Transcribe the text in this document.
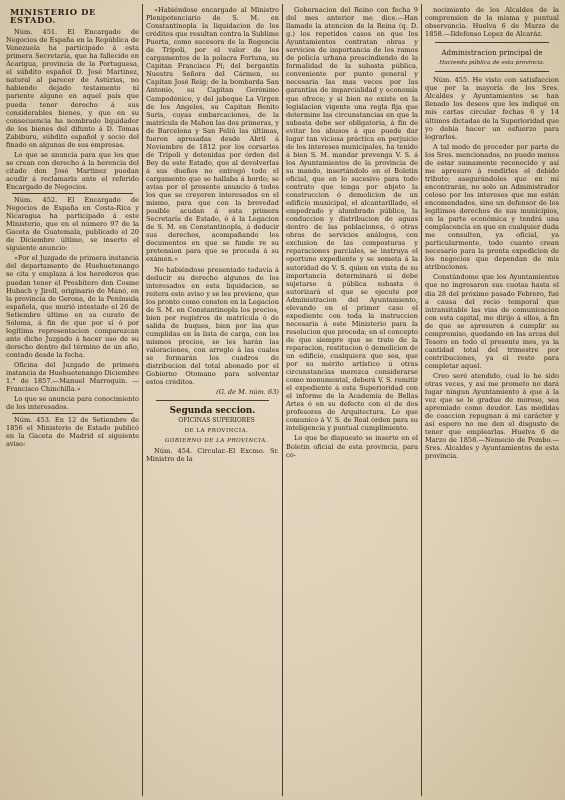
MINISTERIO DE ESTADO.

Núm. 451. El Encargado de Negocios de España en la República de Venezuela ha participado á esta primera Secretaría, que ha fallecido en Acarigua, provincia de la Portuguesa, el súbdito español D. José Martinez, natural al parecer de Astúrias, no habiendo dejado testamento ni pariente alguno en aquel país que pueda tener derecho á sus considerables bienes, y que en su consecuencia ha nombrado liquidador de los bienes del difunto á D. Tomas Zabiburu, súbdito español y socio del finado en algunas de sus empresas.

Lo que se anuncia para que los que se crean con derecho á la herencia del citado don José Martinez puedan acudir á reclamarla ante el referido Encargado de Negocios.

Núm. 452. El Encargado de Negocios de España en Costa-Rica y Nicaragua ha participado á este Ministerio, que en el número 97 de la Gaceta de Guatemala, publicado el 20 de Diciembre último, se inserto el siguiente anuncio:

«Por el Juzgado de primera instancia del departamento de Huehuetenango se cita y emplaza á los herederos que puedan tener el Presbítero don Cosme Hubach y Jiroll, originario de Manó, en la provincia de Gerona, de la Península española, que murió intestado el 26 de Setiembre último en su curato de Soloma, á fin de que por sí ó por legítima representacion comparezcan ante dicho Juzgado á hacer uso de su derecho dentro del término de un año, contado desde la fecha.

Oficina del Juzgado de primera instancia de Huehuetenango Diciembre 1.° de 1857.—Manuel Marroquin. —Francisco Chinchilla.»

Lo que se anuncia para conocimiento de los interesados.

Núm. 453. En 12 de Setiembre de 1856 el Ministerio de Estado publicó en la Gaceta de Madrid el siguiente aviso:

«Habiéndose encargado al Ministro Plenipotenciario de S. M. en Constantinopla la liquidacion de los créditos que resultan contra la Sublime Puerta, como sucesora de la Regencia de Trípoli, por el valor de los cargamentos de la polacra Fortuna, su Capitan Francisco Pí; del bergantin Nuestra Señora del Cármen, su Capitan José Reig; de la bombarda San Antonio, su Capitan Gerónimo Campodónico, y del jabeque La Virgen de los Angeles, su Capitan Benito Suris, cuyas embarcaciones, de la matrícula de Mahon las dos primeras, y de Barcelona y San Feliú las últimas, fueron apresadas desde Abril á Noviembre de 1812 por los corsarios de Trípoli y detenidas por órden del Bey de este Estado, que al devolverlas á sus dueños no entregó todo el cargamento que se hallaba á bordo; se avisa por el presente anuncio á todos los que se creyeren interesados en el mismo, para que con la brevedad posible acudan á esta primera Secretaría de Estado, ó á la Legacion de S. M. en Constantinopla, á deducir sus derechos, acompañando los documentos en que se funde re su pretension para que se proceda á su exámen.»

No habiéndose presentado todavía á deducir su derecho algunos de los interesados en esta liquidacion, se reitera este aviso y se les previene, que los pronto como consten en la Legacion de S. M. en Constantinopla los precios, bien por registros de matrícula ó de salida de buques, bien por las que cumplidas en la lista de carga, con los mismos precios, se les harán las valoraciones, con arreglo á las cuales se formarán los cuadros de distribucion del total abonado por el Gobierno Otomano para solventar estos créditos.

(G. de M. núm. 63)

Segunda seccion.

OFICINAS SUPERIORES

DE LA PROVINCIA.

GOBIERNO DE LA PROVINCIA.

Núm. 454. Circular.-El Excmo. Sr. Ministro de la

Gobernacion del Reino con fecha 9 del mes anterior me dice.—Han llamado la atencion de la Reina (q. D. g.) los repetidos casos en que los Ayuntamientos contratan obras y servicios de importancia de los ramos de policía urbana prescindiendo de la formalidad de la subasta pública, conveniente por punto general y necesaria las mas veces por las garantías de imparcialidad y economía que ofrece; y si bien no existe en la legislacion vigente una regla fija que determine las circunstancias en que la subasta debe ser obligatoria, á fin de evitar los abusos á que puede dar lugar tan viciosa práctica en perjuicio de los intereses municipales, ha tenido á bien S. M. mandar prevenga V. S. á los Ayuntamientos de la provincia de su mando, insertándolo en el Boletin oficial, que en lo sucesivo para todo contrato que tenga por objeto la construccion ó demolicion de un edificio municipal, el alcantarillado, el empedrado y alumbrado público, la conduccion y distribucion de aguas dentro de las poblaciones, ó otras obras de servicios análogos, con exclusion de las composturas y reparaciones parciales, se instruya el oportuno expediente y se someta á la autoridad de V. S. quien en vista de su importancia determinará si debe sujetarse á pública subasta ó autorizará el que se ejecute por Administracion del Ayuntamiento, elevando en el primer caso el expediente con toda la instruccion necesaria á este Ministerio para la resolucion que proceda; en el concepto de que siempre que se trate de la reparacion, restitucion ó demolicion de un edificio, cualquiera que sea, que por su mérito artístico ú otras circunstancias merezca considerarse como monumental, deberá V. S. remitir el expediente á esta Superioridad con el informe de la Academia de Bellas Artes ó en su defecto con el de dos profesores de Arquitectura. Lo que comunico á V. S. de Real órden para su inteligencia y puntual cumplimiento.

Lo que he dispuesto se inserte en el Boletin oficial de esta provincia, para co-

nocimiento de los Alcaldes de la comprension de la misma y puntual observancia. Huelva 6 de Marzo de 1858.—Ildefonso Lopez de Alcaráz.

Administracion principal de

Hacienda pública de esta provincia.

Núm. 455. He visto con satisfaccion que por la mayoría de los Sres. Alcaldes y Ayuntamientos se han llenado los deseos que les indiqué en mis cartas circular fechas 6 y 14 últimos dictadas de la Superioridad que yo debia hacer un esfuerzo para lograrlos.

A tal modo de proceder por parte de los Sres. mencionados, no puedo menos de estar sumamente reconocido y así me apresuro á rendirles el debido tributo; asegurándoles que en mí encontrarán, no solo un Administrador celoso por los intereses que me están encomendados, sino un defensor de los legítimos derechos de sus municipios, en la parte económica y tendrá una complacencia en que en cualquier duda me consulten, ya oficial, ya particularmente, todo cuanto crean necesario para la pronta expedicion de los negocios que dependan de mis atribuciones.

Constándome que los Ayuntamientos que no ingresaron sus cuotas hasta el dia 28 del próximo pasado Febrero, fué á causa del recio temporal que intransitable las vias de comunicacion con esta capital, me dirijo á ellos, á fin de que se apresuren á cumplir su compromiso, quedando en las arcas del Tesoro en todo el presente mes, ya la cantidad total del trimestre por contribuciones, ya el resto para completar aquel.

Creo seré atendido, cual lo he sido otras veces, y así me prometo no dará lugar ningun Ayuntamiento á que á la vez que se le gradue de moroso, sea apremiado como deudor. Las medidas de coaccion repugnan á mi carácter y así espero no me den el disgusto de tener que emplearlas. Huelva 6 de Marzo de 1858.—Nemecio de Pombo.—Sres. Alcaldes y Ayuntamientos de esta provincia.
